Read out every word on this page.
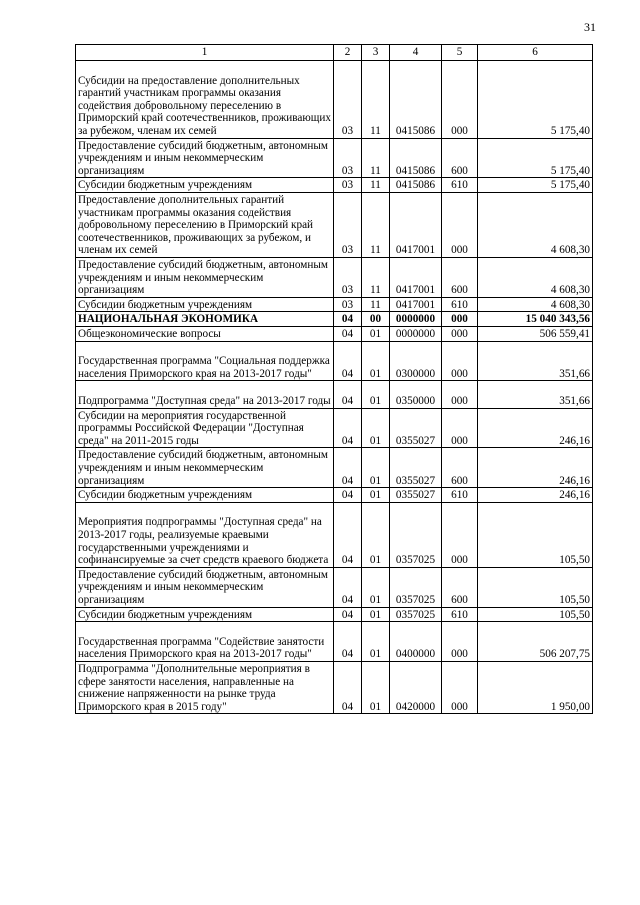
31
1	2	3	4	5	6
Субсидии на предоставление дополнительных гарантий участникам программы оказания содействия добровольному переселению в Приморский край соотечественников, проживающих за рубежом, членам их семей	03	11	0415086	000	5 175,40
Предоставление субсидий бюджетным, автономным учреждениям и иным некоммерческим организациям	03	11	0415086	600	5 175,40
Субсидии бюджетным учреждениям	03	11	0415086	610	5 175,40
Предоставление дополнительных гарантий участникам программы оказания содействия добровольному переселению в Приморский край соотечественников, проживающих за рубежом, и членам их семей	03	11	0417001	000	4 608,30
Предоставление субсидий бюджетным, автономным учреждениям и иным некоммерческим организациям	03	11	0417001	600	4 608,30
Субсидии бюджетным учреждениям	03	11	0417001	610	4 608,30
НАЦИОНАЛЬНАЯ ЭКОНОМИКА	04	00	0000000	000	15 040 343,56
Общеэкономические вопросы	04	01	0000000	000	506 559,41
Государственная программа "Социальная поддержка населения Приморского края на 2013-2017 годы"	04	01	0300000	000	351,66
Подпрограмма "Доступная среда" на 2013-2017 годы	04	01	0350000	000	351,66
Субсидии на мероприятия государственной программы Российской Федерации "Доступная среда" на 2011-2015 годы	04	01	0355027	000	246,16
Предоставление субсидий бюджетным, автономным учреждениям и иным некоммерческим организациям	04	01	0355027	600	246,16
Субсидии бюджетным учреждениям	04	01	0355027	610	246,16
Мероприятия подпрограммы "Доступная среда" на 2013-2017 годы, реализуемые краевыми государственными учреждениями и софинансируемые за счет средств краевого бюджета	04	01	0357025	000	105,50
Предоставление субсидий бюджетным, автономным учреждениям и иным некоммерческим организациям	04	01	0357025	600	105,50
Субсидии бюджетным учреждениям	04	01	0357025	610	105,50
Государственная программа "Содействие занятости населения Приморского края на 2013-2017 годы"	04	01	0400000	000	506 207,75
Подпрограмма "Дополнительные мероприятия в сфере занятости населения, направленные на снижение напряженности на рынке труда Приморского края в 2015 году"	04	01	0420000	000	1 950,00
